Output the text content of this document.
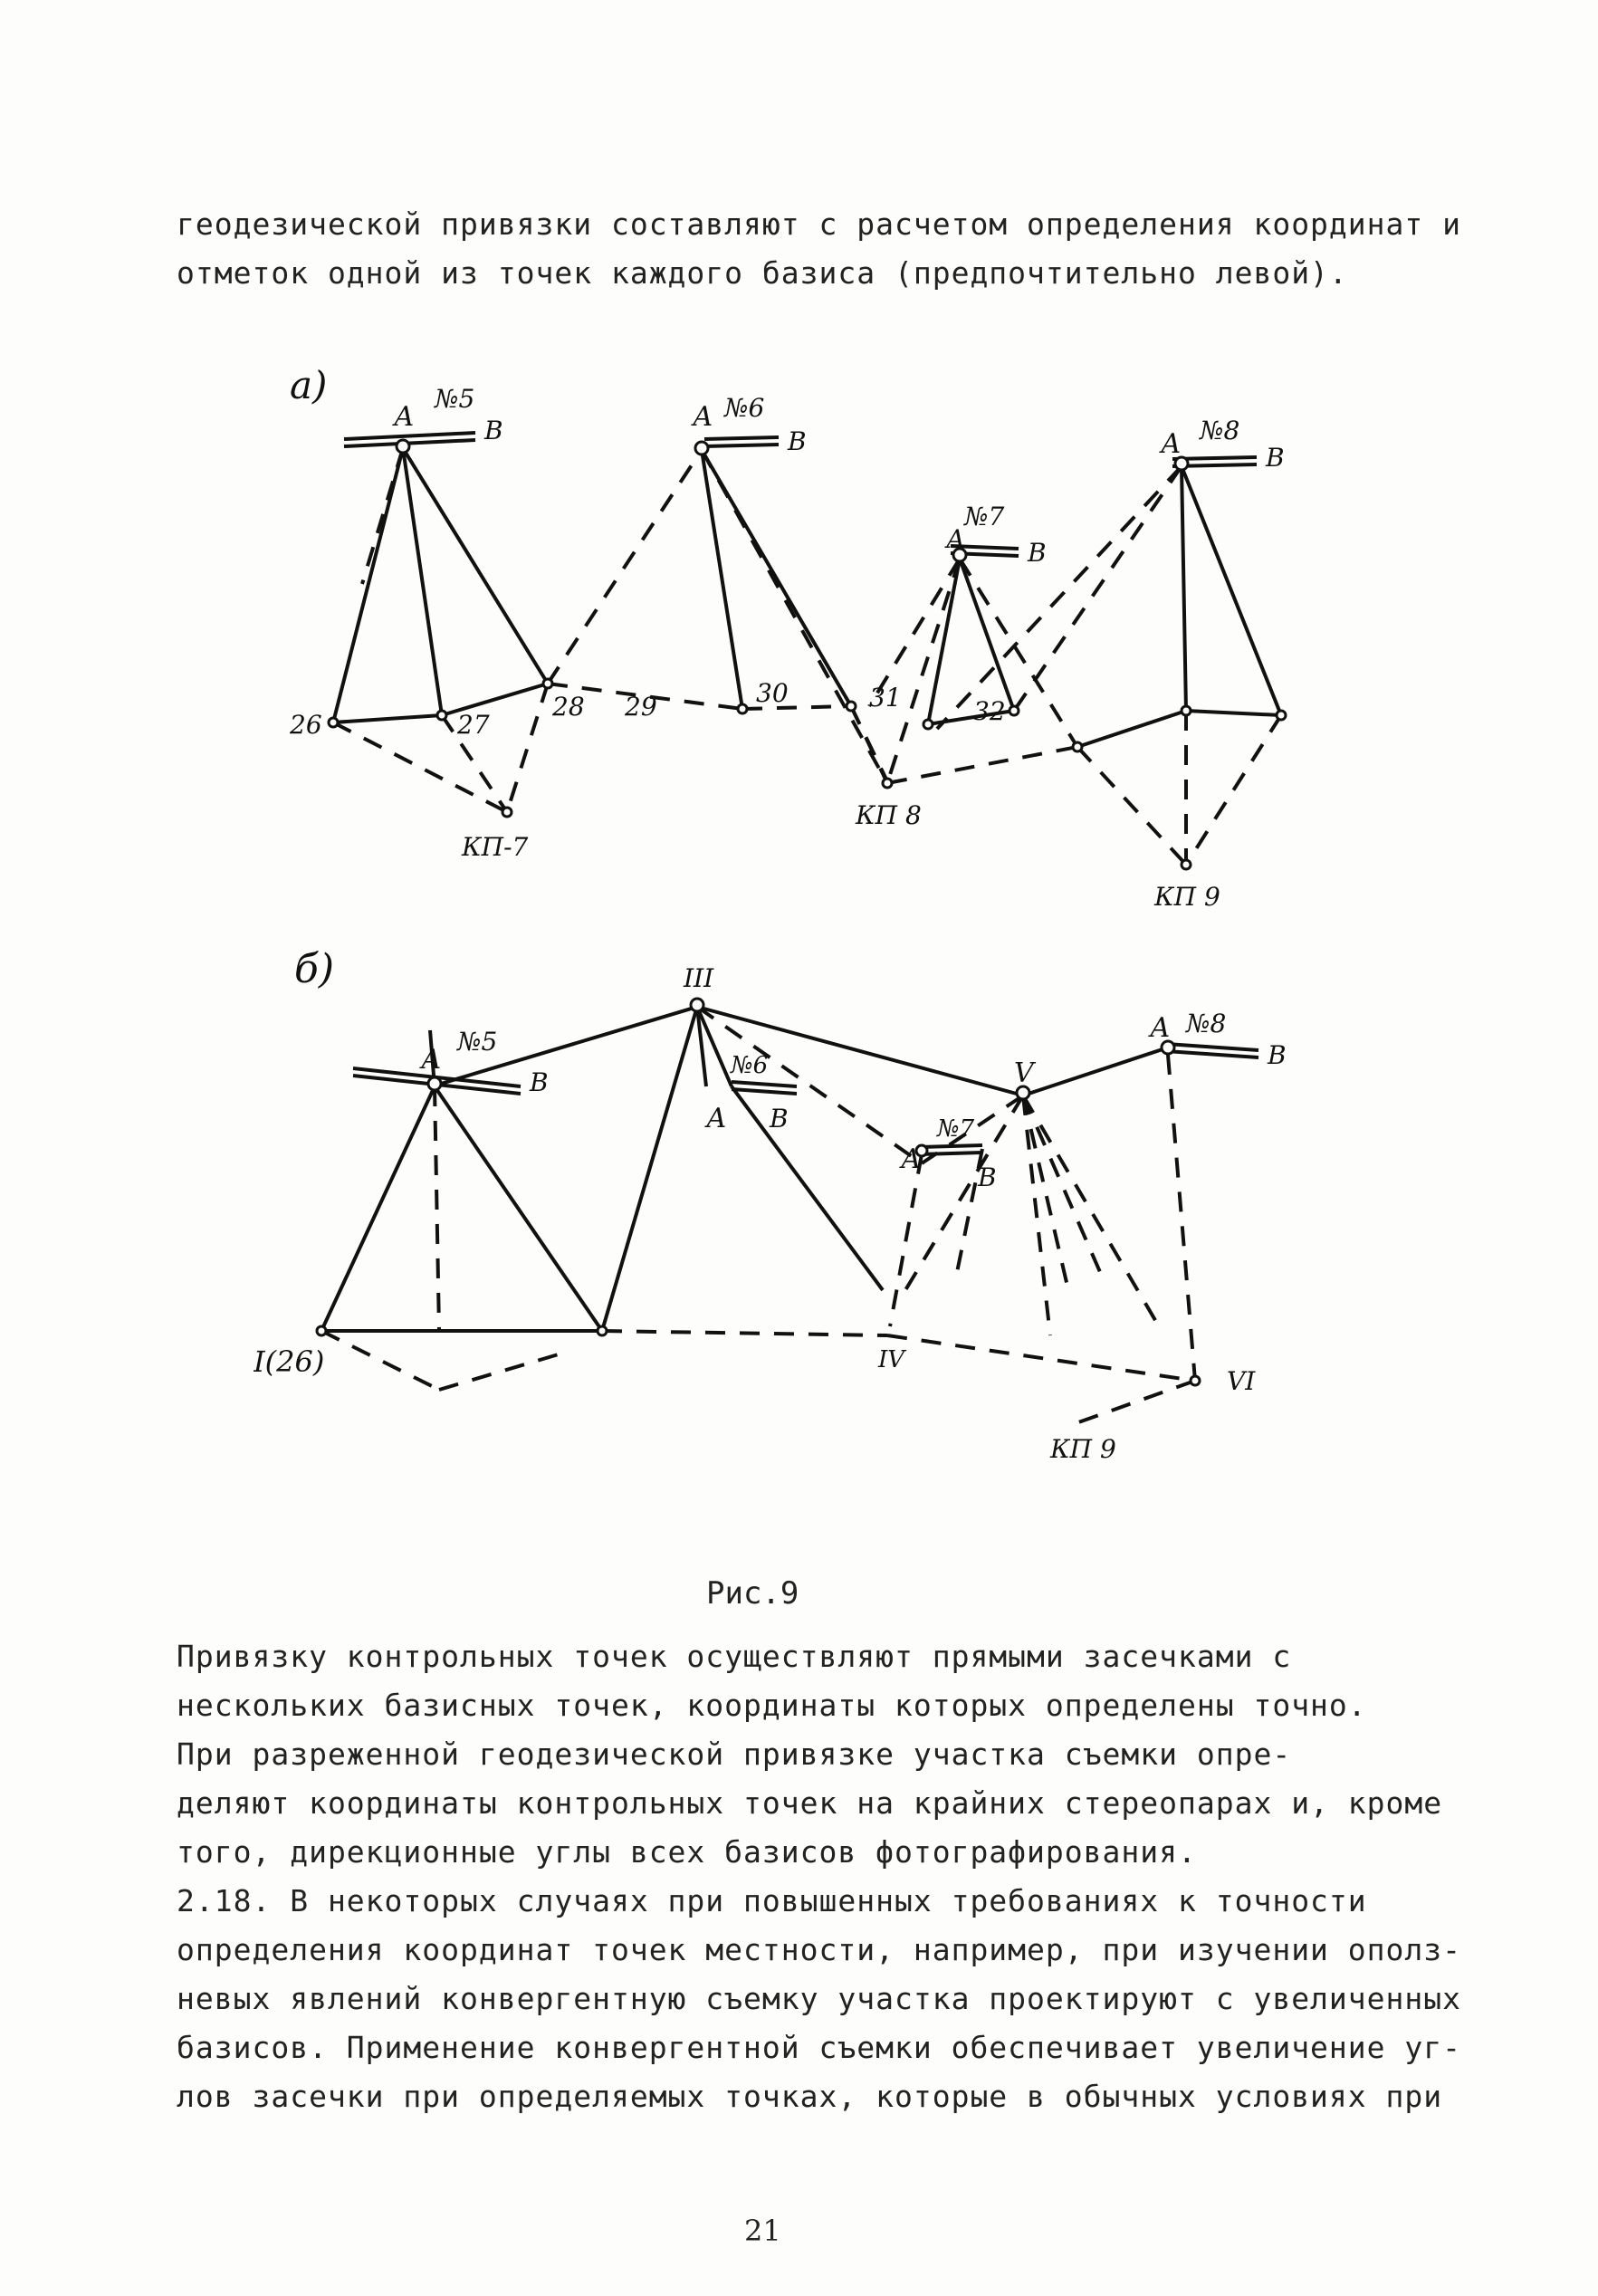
геодезической привязки составляют с расчетом определения координат и
отметок одной из точек каждого базиса (предпочтительно левой).
а)
А
№5
В	А №6
В
А
№7
В
А №8
В
26	27
28 29	30	31	32
КП-7
КП 8
КП 9
б)	III
А
№5
В
№6
А В
V
№7
А
В
А №8
В
I(26)	IV
VI
КП 9
Рис.9
Привязку контрольных точек осуществляют прямыми засечками с
нескольких базисных точек, координаты которых определены точно.
При разреженной геодезической привязке участка съемки опре-
деляют координаты контрольных точек на крайних стереопарах и, кроме
того, дирекционные углы всех базисов фотографирования.
2.18. В некоторых случаях при повышенных требованиях к точности
определения координат точек местности, например, при изучении ополз-
невых явлений конвергентную съемку участка проектируют с увеличенных
базисов. Применение конвергентной съемки обеспечивает увеличение уг-
лов засечки при определяемых точках, которые в обычных условиях при
21
